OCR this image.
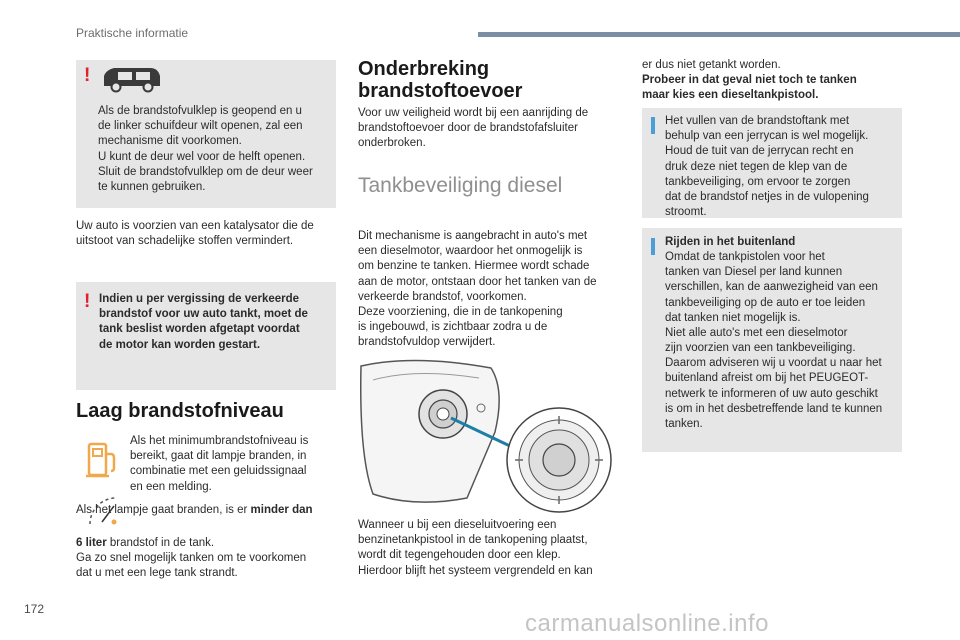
Praktische informatie
!
Als de brandstofvulklep is geopend en u
de linker schuifdeur wilt openen, zal een
mechanisme dit voorkomen.
U kunt de deur wel voor de helft openen.
Sluit de brandstofvulklep om de deur weer
te kunnen gebruiken.
Uw auto is voorzien van een katalysator die de
uitstoot van schadelijke stoffen vermindert.
! Indien u per vergissing de verkeerde
brandstof voor uw auto tankt, moet de
tank beslist worden afgetapt voordat
de motor kan worden gestart.
Laag brandstofniveau
Als het minimumbrandstofniveau is
bereikt, gaat dit lampje branden, in
combinatie met een geluidssignaal
en een melding.
Als het lampje gaat branden, is er minder dan
6 liter brandstof in de tank.
Ga zo snel mogelijk tanken om te voorkomen
dat u met een lege tank strandt.
Onderbreking
brandstoftoevoer
Voor uw veiligheid wordt bij een aanrijding de
brandstoftoevoer door de brandstofafsluiter
onderbroken.
Tankbeveiliging diesel
Dit mechanisme is aangebracht in auto's met
een dieselmotor, waardoor het onmogelijk is
om benzine te tanken. Hiermee wordt schade
aan de motor, ontstaan door het tanken van de
verkeerde brandstof, voorkomen.
Deze voorziening, die in de tankopening
is ingebouwd, is zichtbaar zodra u de
brandstofvuldop verwijdert.
Wanneer u bij een dieseluitvoering een
benzinetankpistool in de tankopening plaatst,
wordt dit tegengehouden door een klep.
Hierdoor blijft het systeem vergrendeld en kan
er dus niet getankt worden.
Probeer in dat geval niet toch te tanken
maar kies een dieseltankpistool.
Het vullen van de brandstoftank met
behulp van een jerrycan is wel mogelijk.
Houd de tuit van de jerrycan recht en
druk deze niet tegen de klep van de
tankbeveiliging, om ervoor te zorgen
dat de brandstof netjes in de vulopening
stroomt.
Rijden in het buitenland
Omdat de tankpistolen voor het
tanken van Diesel per land kunnen
verschillen, kan de aanwezigheid van een
tankbeveiliging op de auto er toe leiden
dat tanken niet mogelijk is.
Niet alle auto's met een dieselmotor
zijn voorzien van een tankbeveiliging.
Daarom adviseren wij u voordat u naar het
buitenland afreist om bij het PEUGEOT-
netwerk te informeren of uw auto geschikt
is om in het desbetreffende land te kunnen
tanken.
172
carmanualsonline.info
